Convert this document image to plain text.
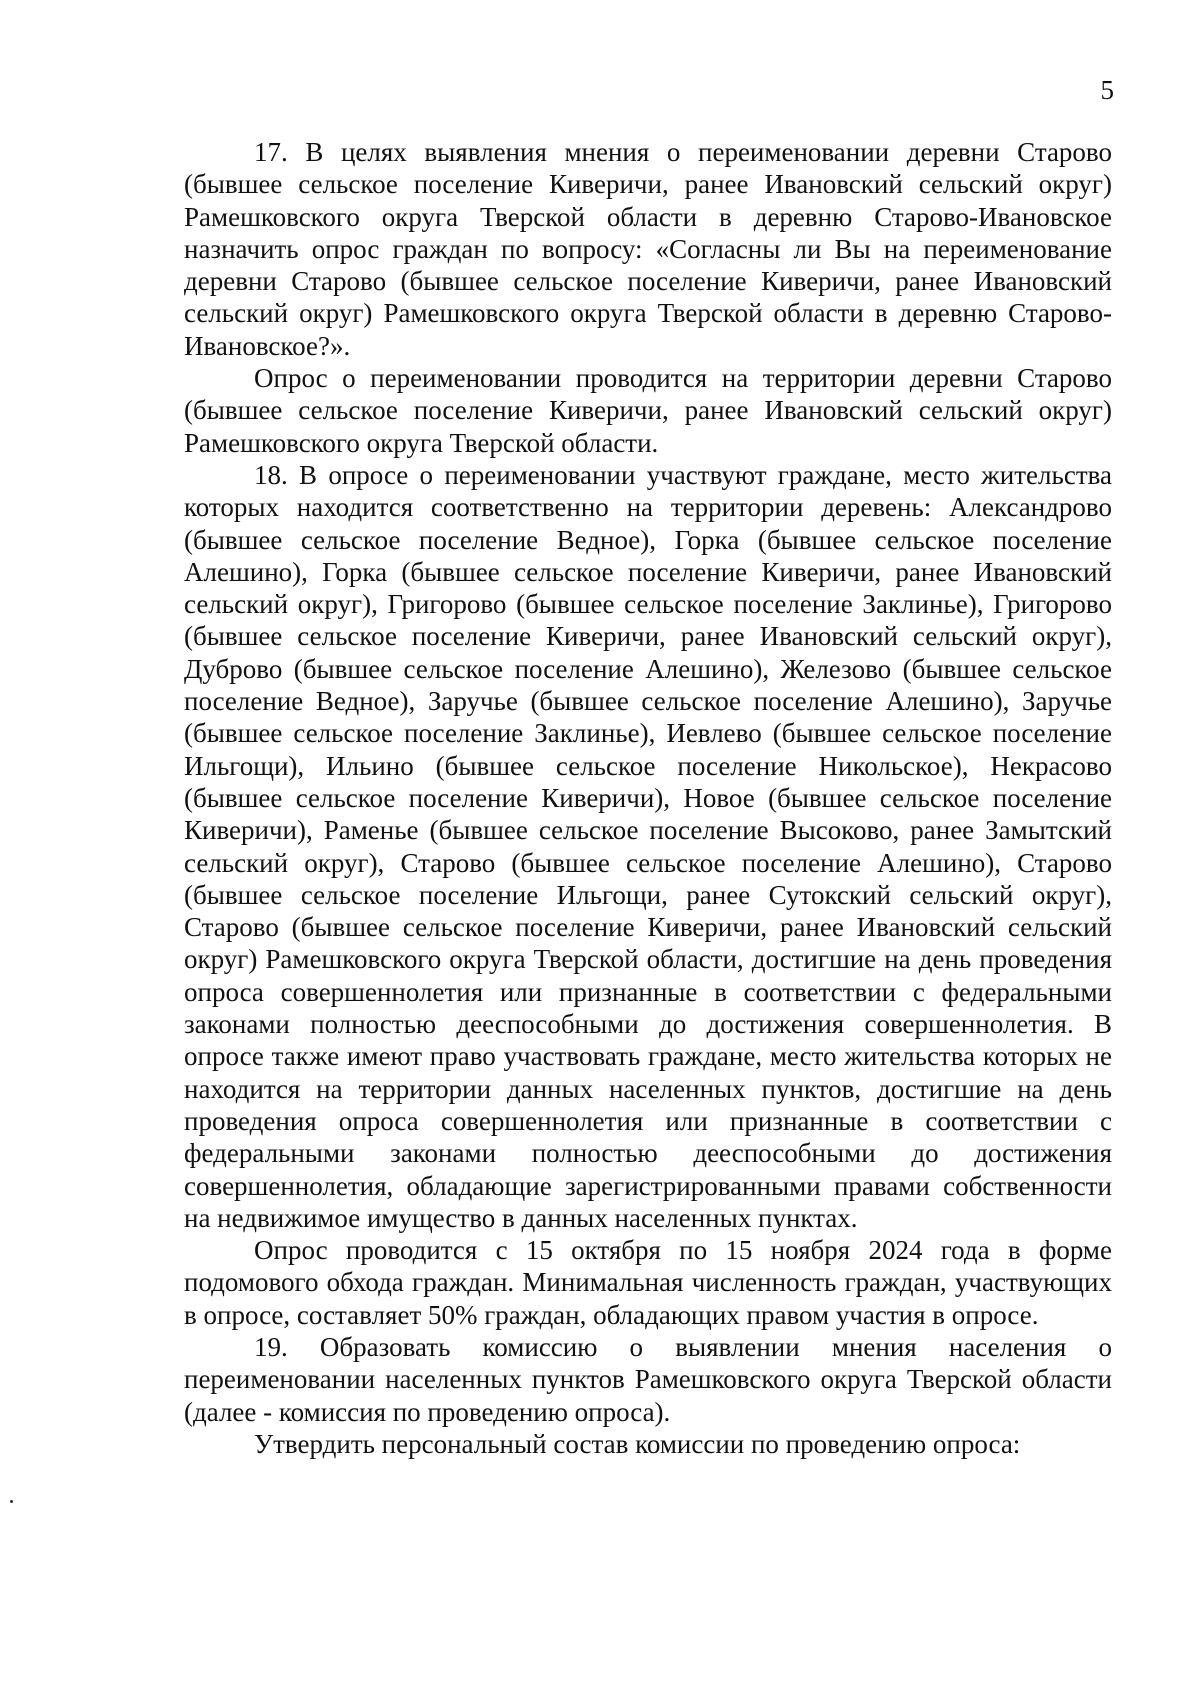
5

17. В целях выявления мнения о переименовании деревни Старово (бывшее сельское поселение Киверичи, ранее Ивановский сельский округ) Рамешковского округа Тверской области в деревню Старово-Ивановское назначить опрос граждан по вопросу: «Согласны ли Вы на переименование деревни Старово (бывшее сельское поселение Киверичи, ранее Ивановский сельский округ) Рамешковского округа Тверской области в деревню Старово-Ивановское?».

Опрос о переименовании проводится на территории деревни Старово (бывшее сельское поселение Киверичи, ранее Ивановский сельский округ) Рамешковского округа Тверской области.

18. В опросе о переименовании участвуют граждане, место жительства которых находится соответственно на территории деревень: Александрово (бывшее сельское поселение Ведное), Горка (бывшее сельское поселение Алешино), Горка (бывшее сельское поселение Киверичи, ранее Ивановский сельский округ), Григорово (бывшее сельское поселение Заклинье), Григорово (бывшее сельское поселение Киверичи, ранее Ивановский сельский округ), Дуброво (бывшее сельское поселение Алешино), Железово (бывшее сельское поселение Ведное), Заручье (бывшее сельское поселение Алешино), Заручье (бывшее сельское поселение Заклинье), Иевлево (бывшее сельское поселение Ильгощи), Ильино (бывшее сельское поселение Никольское), Некрасово (бывшее сельское поселение Киверичи), Новое (бывшее сельское поселение Киверичи), Раменье (бывшее сельское поселение Высоково, ранее Замытский сельский округ), Старово (бывшее сельское поселение Алешино), Старово (бывшее сельское поселение Ильгощи, ранее Сутокский сельский округ), Старово (бывшее сельское поселение Киверичи, ранее Ивановский сельский округ) Рамешковского округа Тверской области, достигшие на день проведения опроса совершеннолетия или признанные в соответствии с федеральными законами полностью дееспособными до достижения совершеннолетия. В опросе также имеют право участвовать граждане, место жительства которых не находится на территории данных населенных пунктов, достигшие на день проведения опроса совершеннолетия или признанные в соответствии с федеральными законами полностью дееспособными до достижения совершеннолетия, обладающие зарегистрированными правами собственности на недвижимое имущество в данных населенных пунктах.

Опрос проводится с 15 октября по 15 ноября 2024 года в форме подомового обхода граждан. Минимальная численность граждан, участвующих в опросе, составляет 50% граждан, обладающих правом участия в опросе.

19. Образовать комиссию о выявлении мнения населения о переименовании населенных пунктов Рамешковского округа Тверской области (далее - комиссия по проведению опроса).

Утвердить персональный состав комиссии по проведению опроса:
